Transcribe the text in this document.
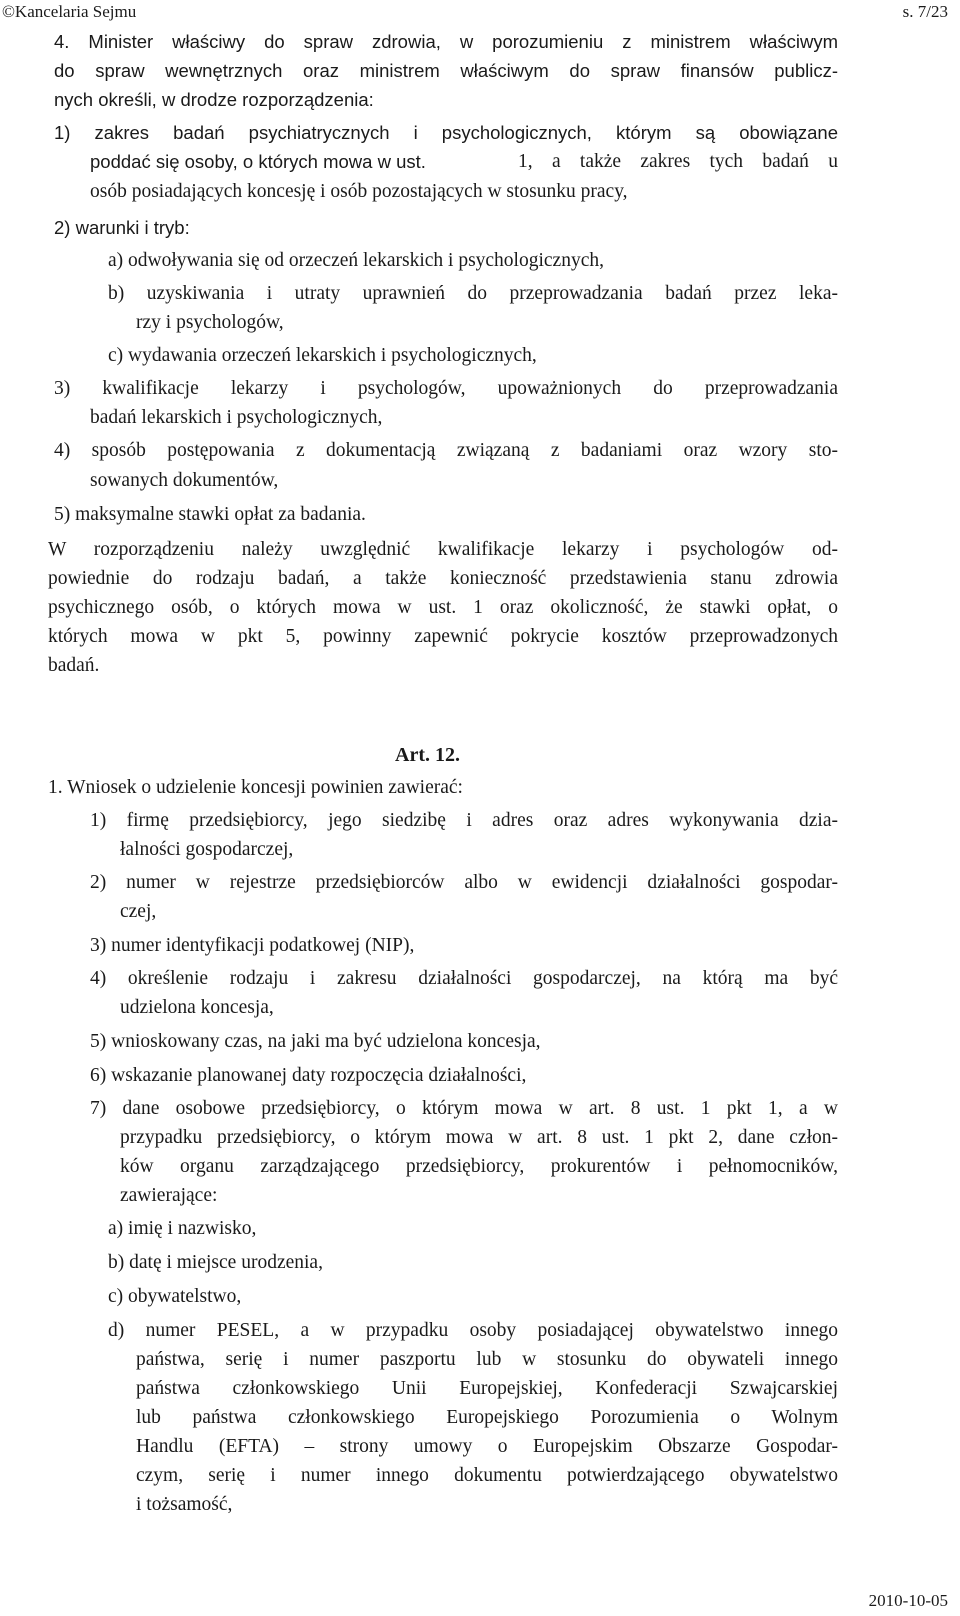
©Kancelaria Sejmu	s. 7/23
4. Minister właściwy do spraw zdrowia, w porozumieniu z ministrem właściwym
do spraw wewnętrznych oraz ministrem właściwym do spraw finansów publicz-
nych określi, w drodze rozporządzenia:
1) zakres badań psychiatrycznych i psychologicznych, którym są obowiązane

poddać się osoby, o których mowa w ust.

	1, a także zakres tych badań u

osób posiadających koncesję i osób pozostających w stosunku pracy,
2) warunki i tryb:
a) odwoływania się od orzeczeń lekarskich i psychologicznych,
b) uzyskiwania i utraty uprawnień do przeprowadzania badań przez leka-
rzy i psychologów,
c) wydawania orzeczeń lekarskich i psychologicznych,
3) kwalifikacje lekarzy i psychologów, upoważnionych do przeprowadzania
badań lekarskich i psychologicznych,
4) sposób postępowania z dokumentacją związaną z badaniami oraz wzory sto-
sowanych dokumentów,
5) maksymalne stawki opłat za badania.
W rozporządzeniu należy uwzględnić kwalifikacje lekarzy i psychologów od-
powiednie do rodzaju badań, a także konieczność przedstawienia stanu zdrowia
psychicznego osób, o których mowa w ust. 1 oraz okoliczność, że stawki opłat, o
których mowa w pkt 5, powinny zapewnić pokrycie kosztów przeprowadzonych
badań.
Art. 12.
1. Wniosek o udzielenie koncesji powinien zawierać:
1) firmę przedsiębiorcy, jego siedzibę i adres oraz adres wykonywania dzia-
łalności gospodarczej,
2) numer w rejestrze przedsiębiorców albo w ewidencji działalności gospodar-
czej,
3) numer identyfikacji podatkowej (NIP),
4) określenie rodzaju i zakresu działalności gospodarczej, na którą ma być
udzielona koncesja,
5) wnioskowany czas, na jaki ma być udzielona koncesja,
6) wskazanie planowanej daty rozpoczęcia działalności,
7) dane osobowe przedsiębiorcy, o którym mowa w art. 8 ust. 1 pkt 1, a w
przypadku przedsiębiorcy, o którym mowa w art. 8 ust. 1 pkt 2, dane człon-
ków organu zarządzającego przedsiębiorcy, prokurentów i pełnomocników,
zawierające:
a) imię i nazwisko,
b) datę i miejsce urodzenia,
c) obywatelstwo,
d) numer PESEL, a w przypadku osoby posiadającej obywatelstwo innego
państwa, serię i numer paszportu lub w stosunku do obywateli innego
państwa członkowskiego Unii Europejskiej, Konfederacji Szwajcarskiej
lub państwa członkowskiego Europejskiego Porozumienia o Wolnym
Handlu (EFTA) – strony umowy o Europejskim Obszarze Gospodar-
czym, serię i numer innego dokumentu potwierdzającego obywatelstwo
i tożsamość,
2010-10-05
